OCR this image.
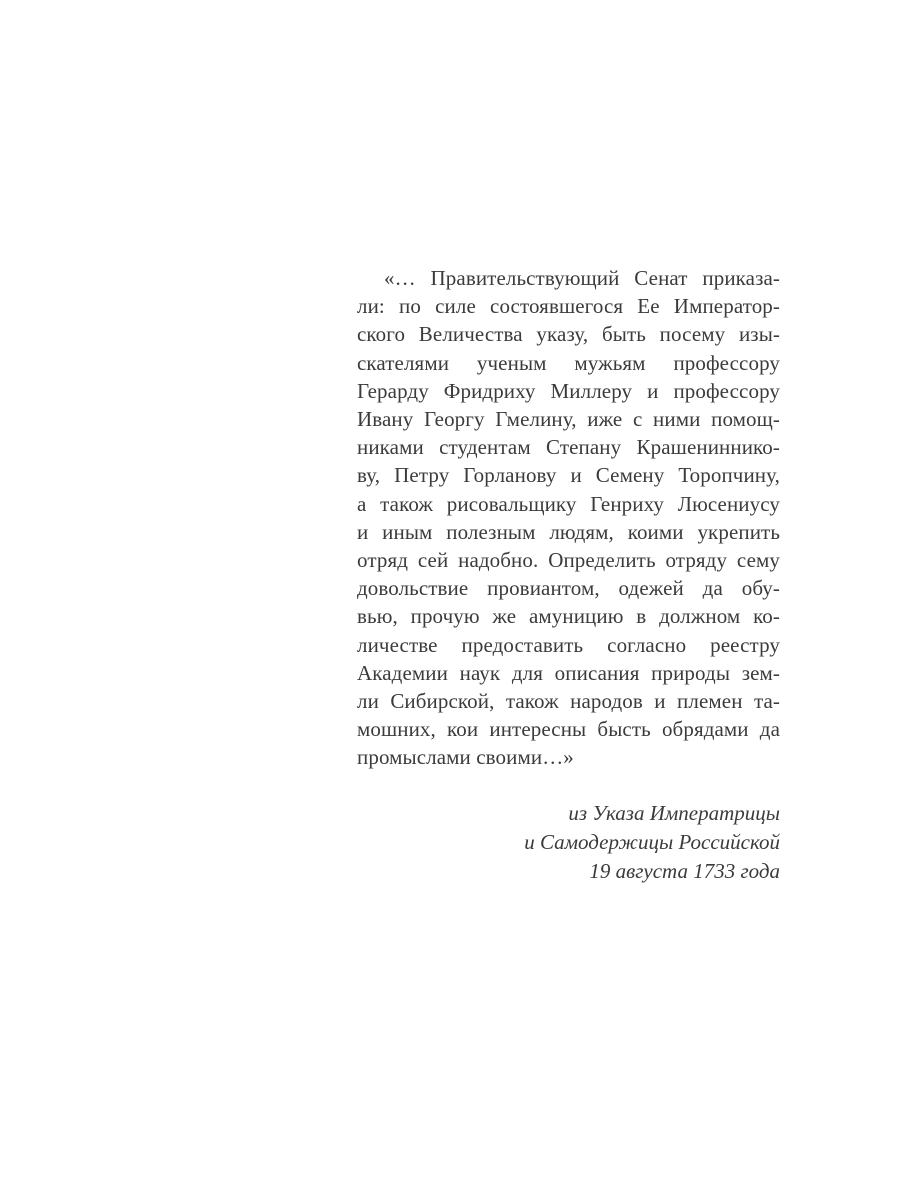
«… Правительствующий Сенат приказа-
ли: по силе состоявшегося Ее Император-
ского Величества указу, быть посему изы-
скателями ученым мужьям профессору
Герарду Фридриху Миллеру и профессору
Ивану Георгу Гмелину, иже с ними помощ-
никами студентам Степану Крашениннико-
ву, Петру Горланову и Семену Торопчину,
а також рисовальщику Генриху Люсениусу
и иным полезным людям, коими укрепить
отряд сей надобно. Определить отряду сему
довольствие провиантом, одежей да обу-
вью, прочую же амуницию в должном ко-
личестве предоставить согласно реестру
Академии наук для описания природы зем-
ли Сибирской, також народов и племен та-
мошних, кои интересны бысть обрядами да
промыслами своими…»
из Указа Императрицы
и Самодержицы Российской
19 августа 1733 года
